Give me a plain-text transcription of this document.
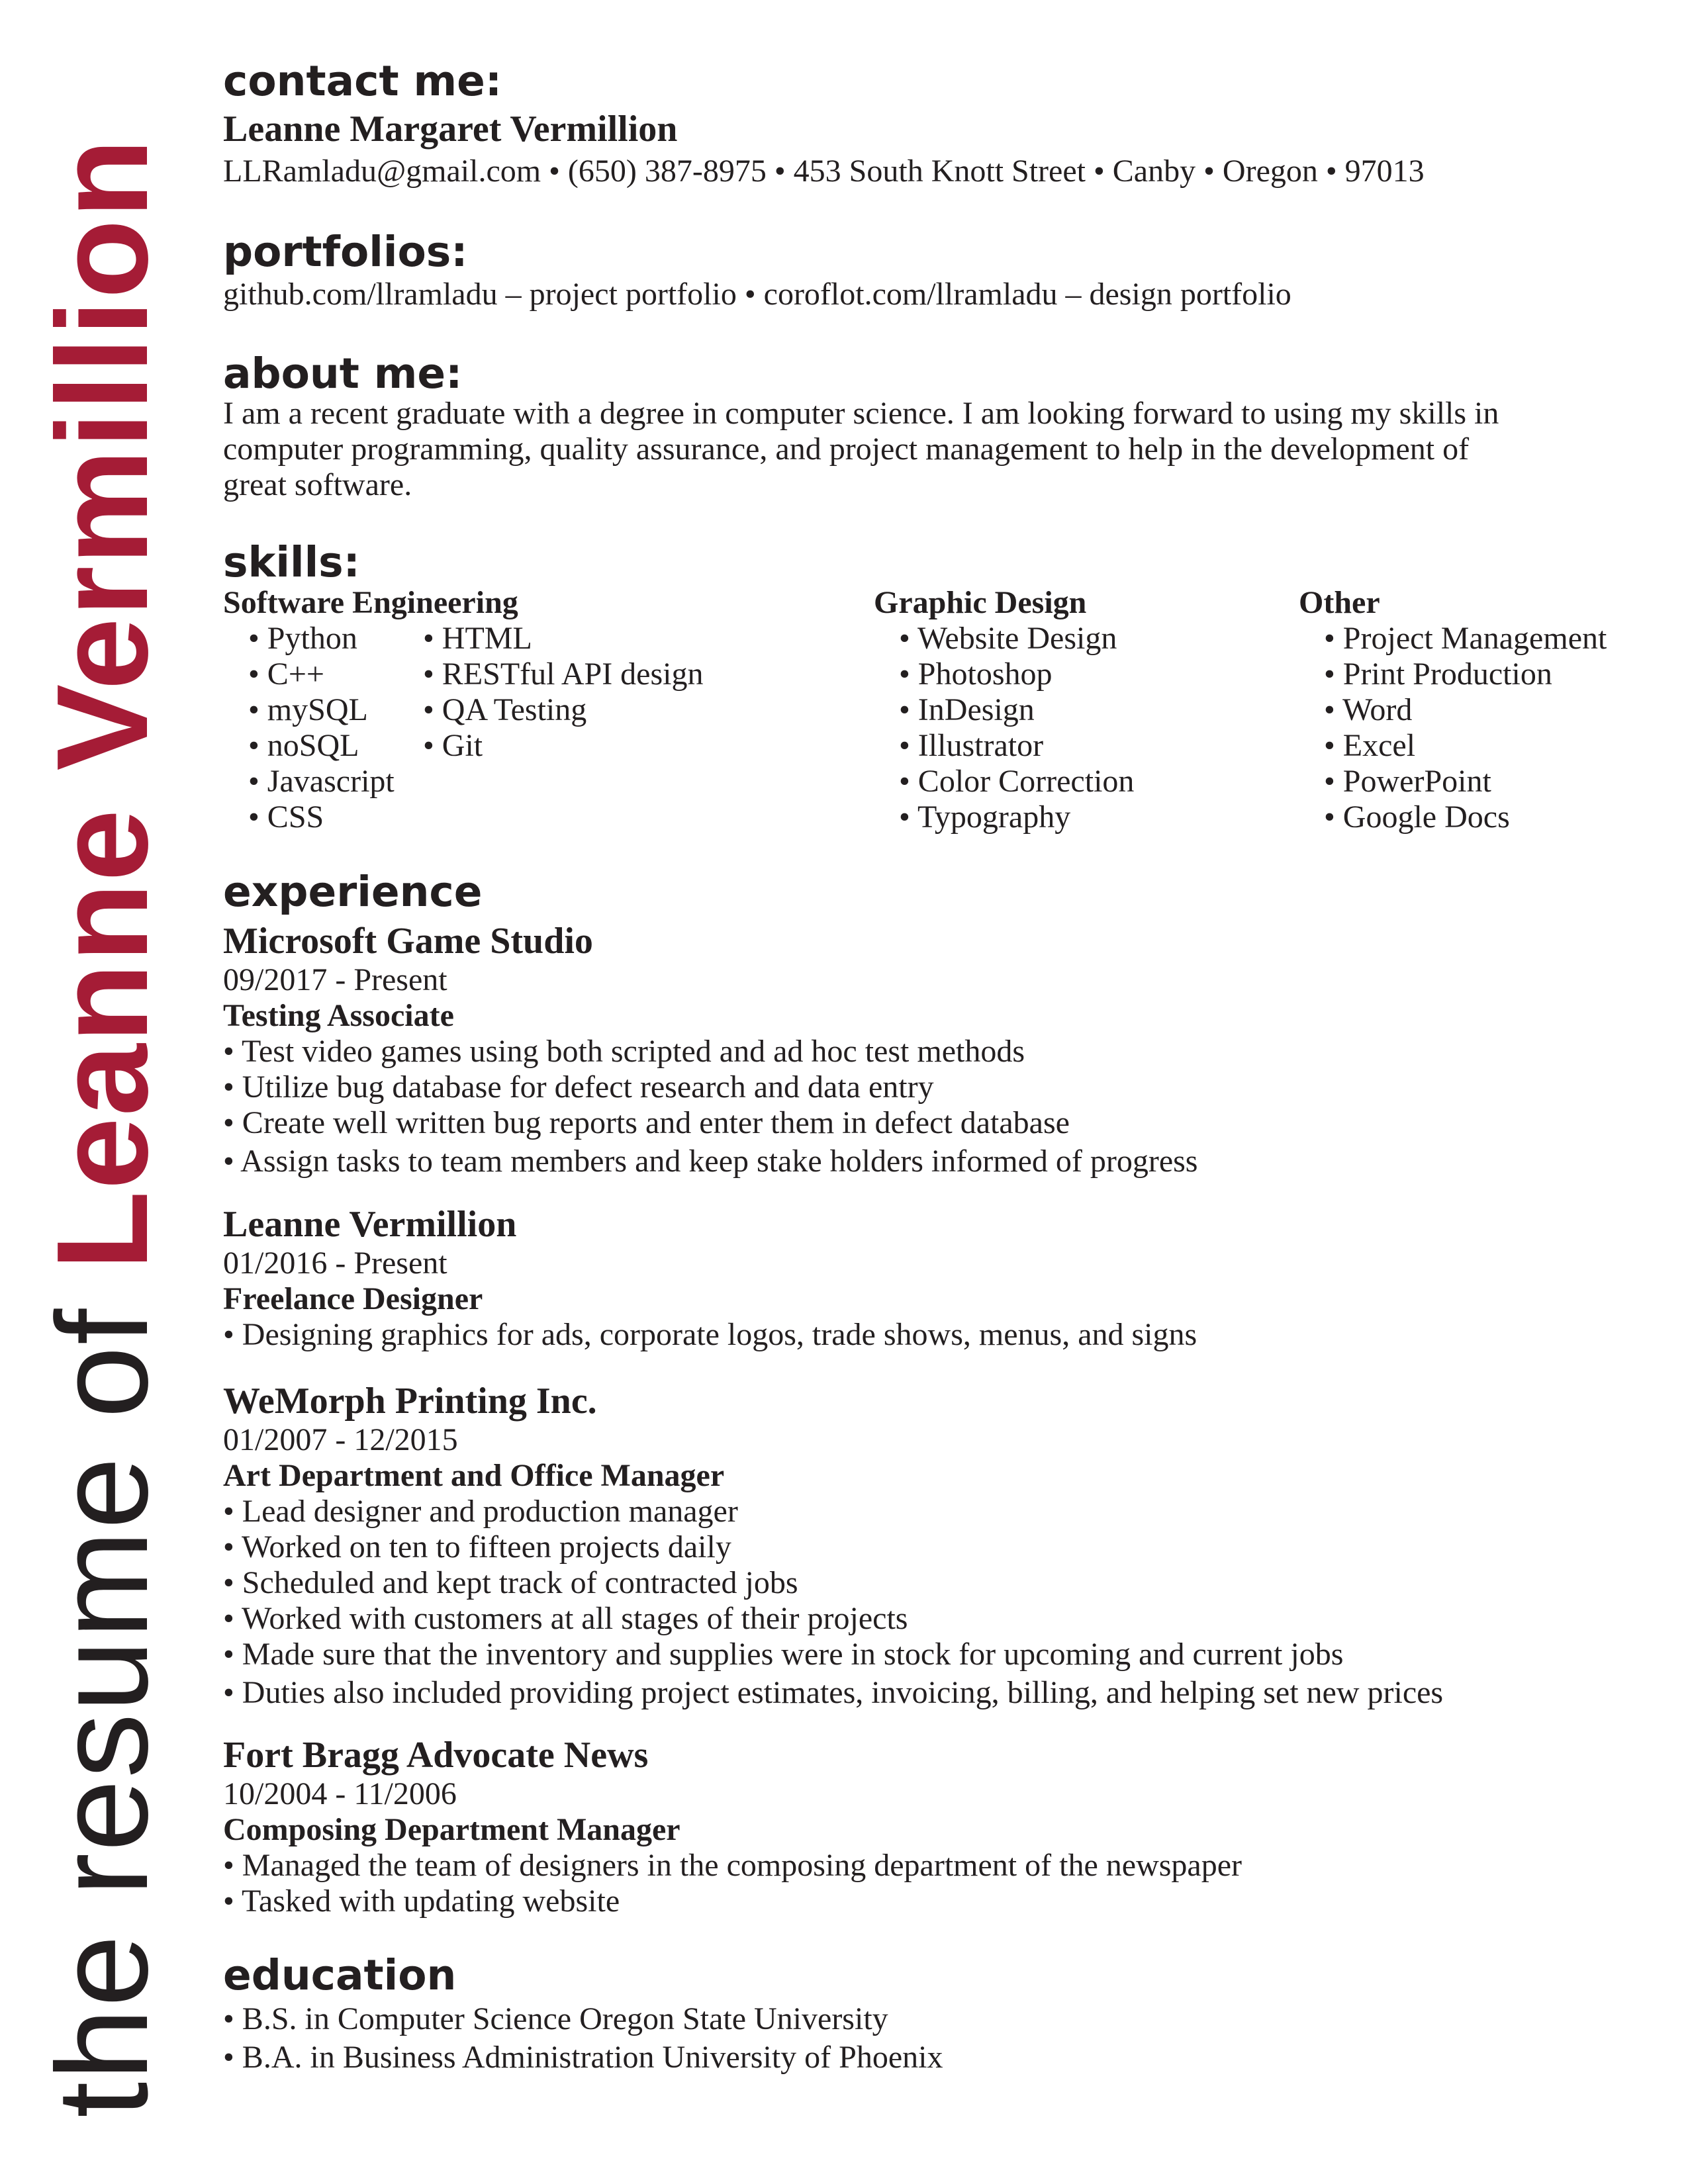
the resume of Leanne Vermillion
contact me:
Leanne Margaret Vermillion
LLRamladu@gmail.com • (650) 387-8975 • 453 South Knott Street • Canby • Oregon • 97013
portfolios:
github.com/llramladu – project portfolio • coroflot.com/llramladu – design portfolio
about me:
I am a recent graduate with a degree in computer science. I am looking forward to using my skills in
computer programming, quality assurance, and project management to help in the development of
great software.
skills:
Software Engineering
• Python
• C++
• mySQL
• noSQL
• Javascript
• CSS
• HTML
• RESTful API design
• QA Testing
• Git
Graphic Design
• Website Design
• Photoshop
• InDesign
• Illustrator
• Color Correction
• Typography
Other
• Project Management
• Print Production
• Word
• Excel
• PowerPoint
• Google Docs
experience
Microsoft Game Studio
09/2017 - Present
Testing Associate
• Test video games using both scripted and ad hoc test methods
• Utilize bug database for defect research and data entry
• Create well written bug reports and enter them in defect database
• Assign tasks to team members and keep stake holders informed of progress
Leanne Vermillion
01/2016 - Present
Freelance Designer
• Designing graphics for ads, corporate logos, trade shows, menus, and signs
WeMorph Printing Inc.
01/2007 - 12/2015
Art Department and Office Manager
• Lead designer and production manager
• Worked on ten to fifteen projects daily
• Scheduled and kept track of contracted jobs
• Worked with customers at all stages of their projects
• Made sure that the inventory and supplies were in stock for upcoming and current jobs
• Duties also included providing project estimates, invoicing, billing, and helping set new prices
Fort Bragg Advocate News
10/2004 - 11/2006
Composing Department Manager
• Managed the team of designers in the composing department of the newspaper
• Tasked with updating website
education
• B.S. in Computer Science Oregon State University
• B.A. in Business Administration University of Phoenix
